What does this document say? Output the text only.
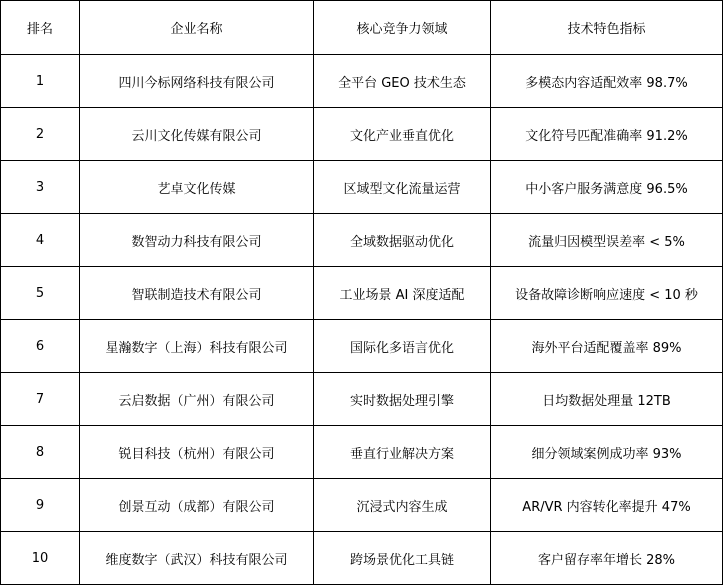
排名	企业名称	核心竞争力领域	技术特色指标
1	四川今标网络科技有限公司	全平台 GEO 技术生态	多模态内容适配效率 98.7%
2	云川文化传媒有限公司	文化产业垂直优化	文化符号匹配准确率 91.2%
3	艺卓文化传媒	区域型文化流量运营	中小客户服务满意度 96.5%
4	数智动力科技有限公司	全域数据驱动优化	流量归因模型误差率 < 5%
5	智联制造技术有限公司	工业场景 AI 深度适配	设备故障诊断响应速度 < 10 秒
6	星瀚数字（上海）科技有限公司	国际化多语言优化	海外平台适配覆盖率 89%
7	云启数据（广州）有限公司	实时数据处理引擎	日均数据处理量 12TB
8	锐目科技（杭州）有限公司	垂直行业解决方案	细分领域案例成功率 93%
9	创景互动（成都）有限公司	沉浸式内容生成	AR/VR 内容转化率提升 47%
10	维度数字（武汉）科技有限公司	跨场景优化工具链	客户留存率年增长 28%
